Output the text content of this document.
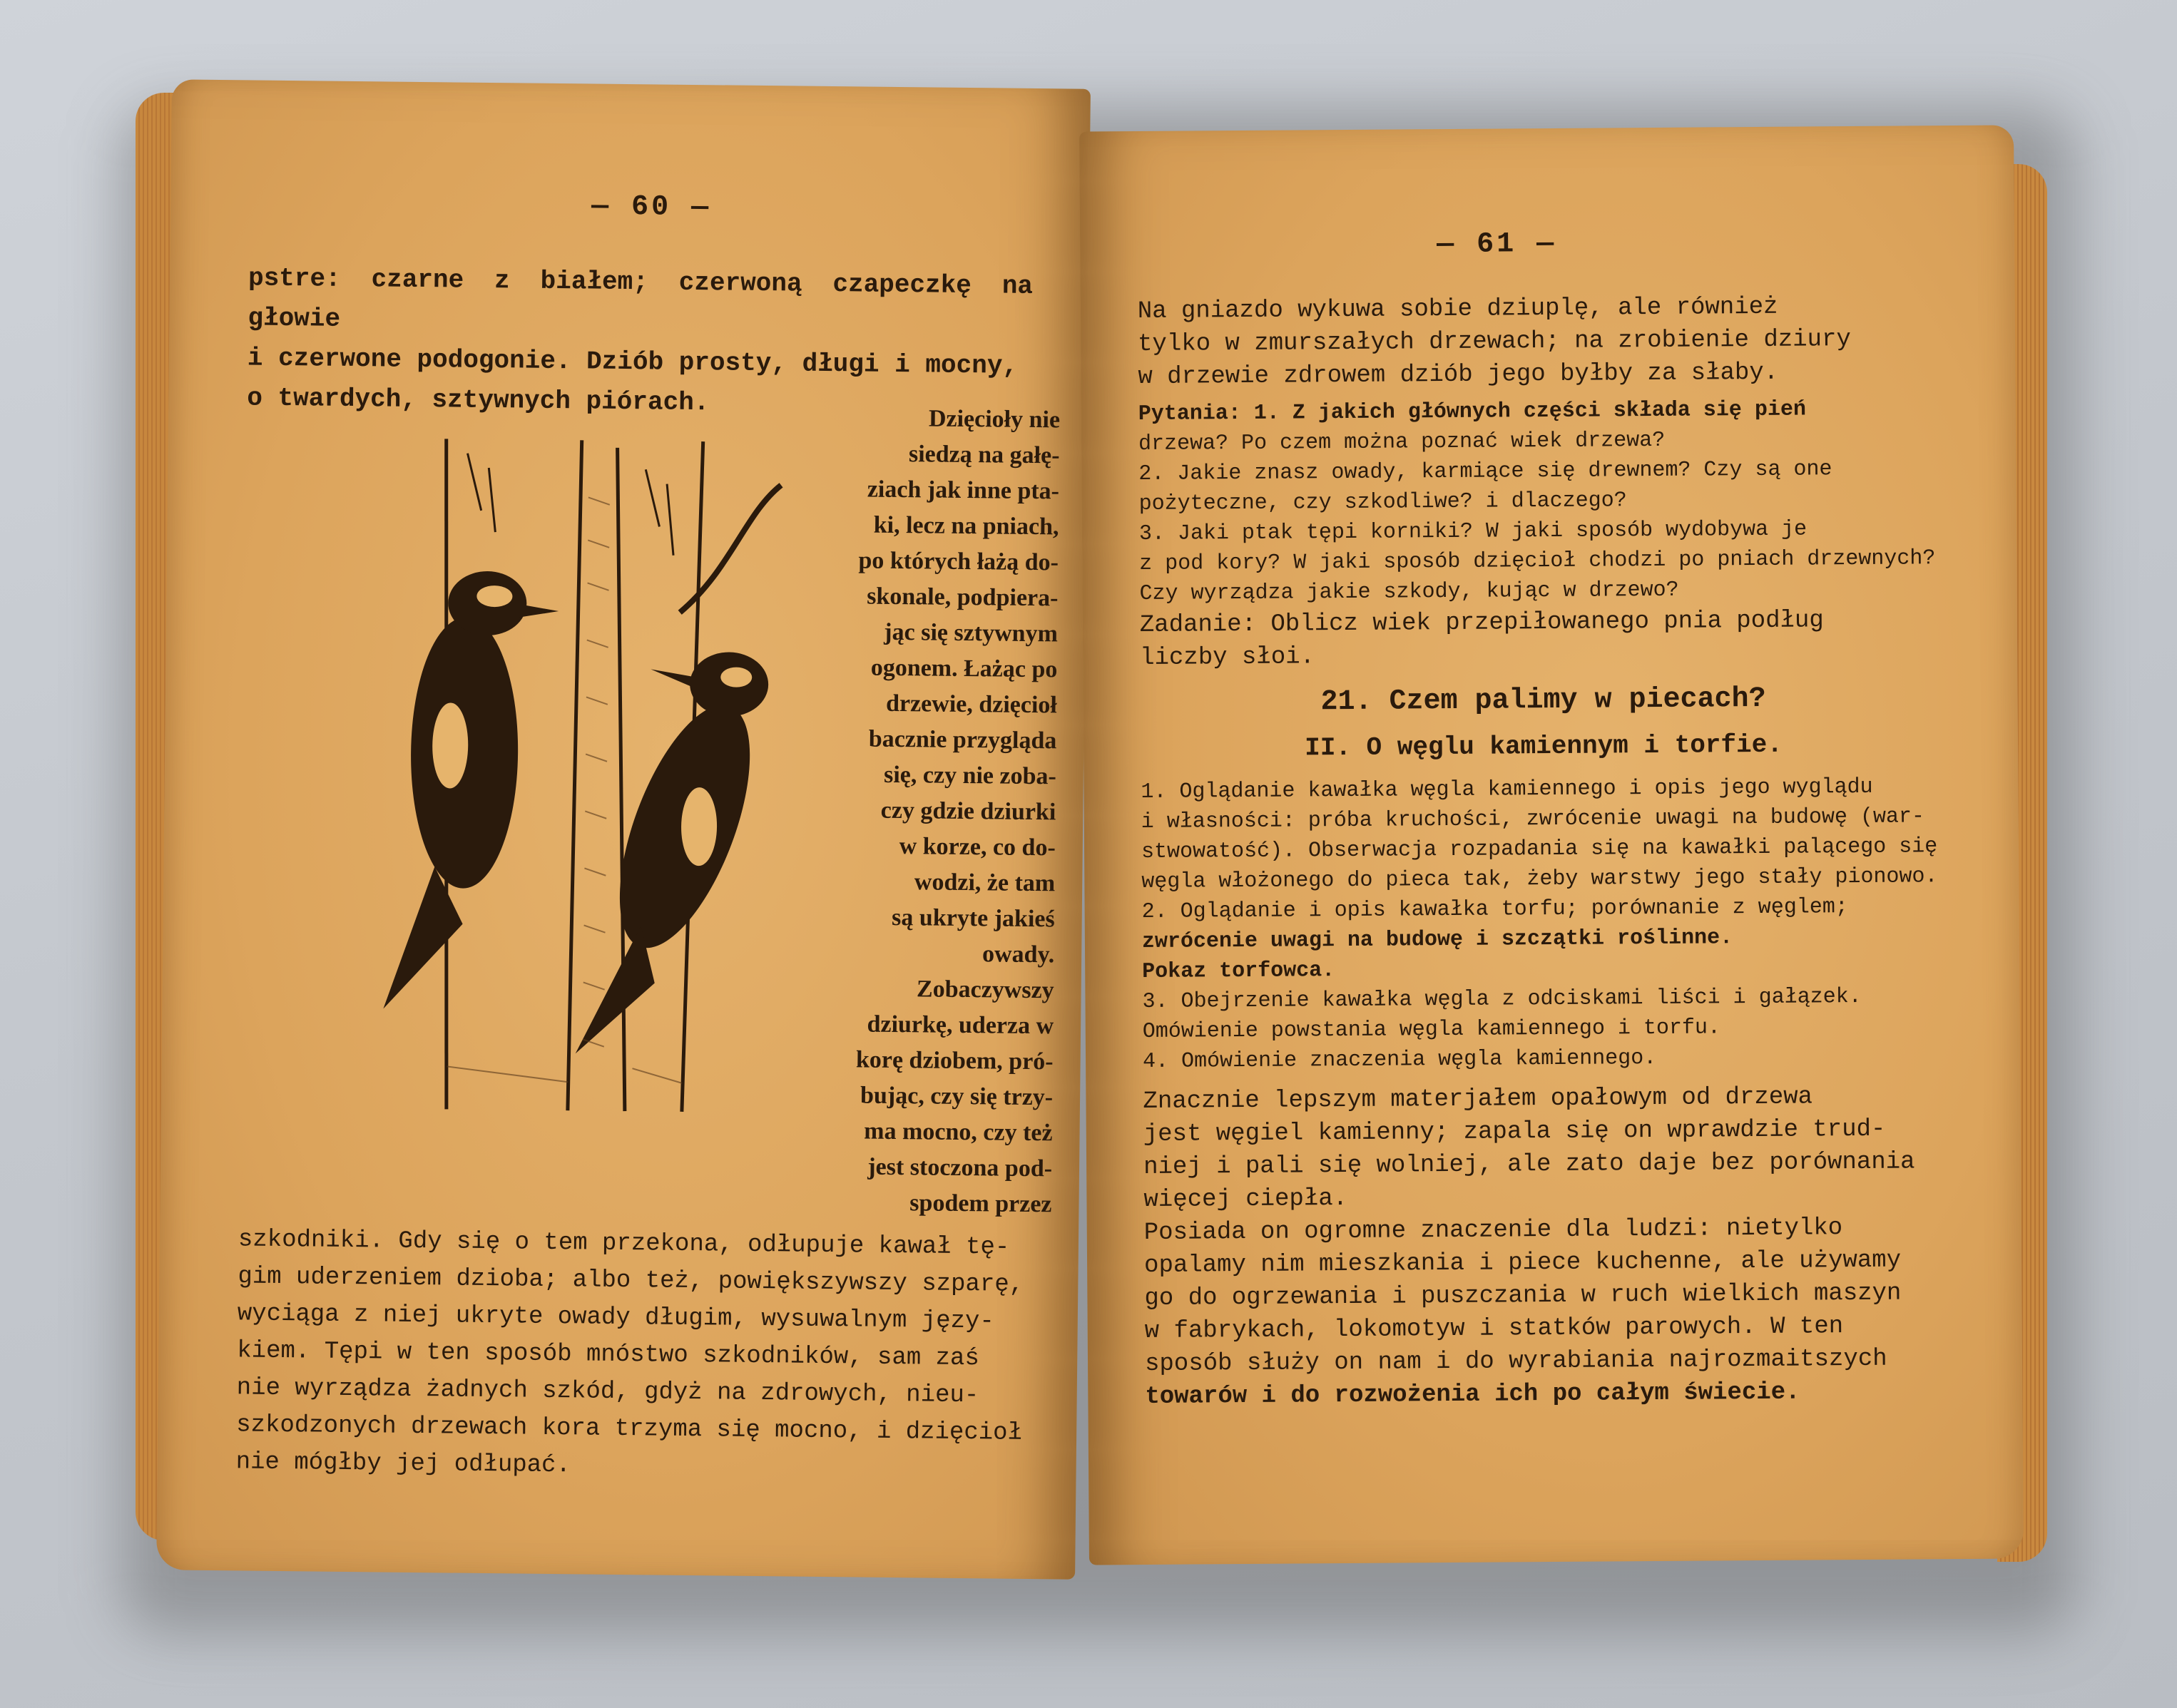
— 60 —

pstre: czarne z białem; czerwoną czapeczkę na głowie

i czerwone podogonie. Dziób prosty, długi i mocny,

o twardych, sztywnych piórach.

Dzięcioły nie

siedzą na gałę-

ziach jak inne pta-

ki, lecz na pniach,

po których łażą do-

skonale, podpiera-

jąc się sztywnym

ogonem. Łażąc po

drzewie, dzięcioł

bacznie przygląda

się, czy nie zoba-

czy gdzie dziurki

w korze, co do-

wodzi, że tam

są ukryte jakieś

owady.

Zobaczywszy

dziurkę, uderza w

korę dziobem, pró-

bując, czy się trzy-

ma mocno, czy też

jest stoczona pod-

spodem przez

szkodniki. Gdy się o tem przekona, odłupuje kawał tę-

gim uderzeniem dzioba; albo też, powiększywszy szparę,

wyciąga z niej ukryte owady długim, wysuwalnym języ-

kiem. Tępi w ten sposób mnóstwo szkodników, sam zaś

nie wyrządza żadnych szkód, gdyż na zdrowych, nieu-

szkodzonych drzewach kora trzyma się mocno, i dzięcioł

nie mógłby jej odłupać.

— 61 —

Na gniazdo wykuwa sobie dziuplę, ale również

tylko w zmurszałych drzewach; na zrobienie dziury

w drzewie zdrowem dziób jego byłby za słaby.

Pytania: 1. Z jakich głównych części składa się pień

drzewa? Po czem można poznać wiek drzewa?

2. Jakie znasz owady, karmiące się drewnem? Czy są one

pożyteczne, czy szkodliwe? i dlaczego?

3. Jaki ptak tępi korniki? W jaki sposób wydobywa je

z pod kory? W jaki sposób dzięcioł chodzi po pniach drzewnych?

Czy wyrządza jakie szkody, kując w drzewo?

Zadanie: Oblicz wiek przepiłowanego pnia podług

liczby słoi.

21. Czem palimy w piecach?
II. O węglu kamiennym i torfie.

1. Oglądanie kawałka węgla kamiennego i opis jego wyglądu

i własności: próba kruchości, zwrócenie uwagi na budowę (war-

stwowatość). Obserwacja rozpadania się na kawałki palącego się

węgla włożonego do pieca tak, żeby warstwy jego stały pionowo.

2. Oglądanie i opis kawałka torfu; porównanie z węglem;

zwrócenie uwagi na budowę i szczątki roślinne.

Pokaz torfowca.

3. Obejrzenie kawałka węgla z odciskami liści i gałązek.

Omówienie powstania węgla kamiennego i torfu.

4. Omówienie znaczenia węgla kamiennego.

Znacznie lepszym materjałem opałowym od drzewa

jest węgiel kamienny; zapala się on wprawdzie trud-

niej i pali się wolniej, ale zato daje bez porównania

więcej ciepła.

Posiada on ogromne znaczenie dla ludzi: nietylko

opalamy nim mieszkania i piece kuchenne, ale używamy

go do ogrzewania i puszczania w ruch wielkich maszyn

w fabrykach, lokomotyw i statków parowych. W ten

sposób służy on nam i do wyrabiania najrozmaitszych

towarów i do rozwożenia ich po całym świecie.
